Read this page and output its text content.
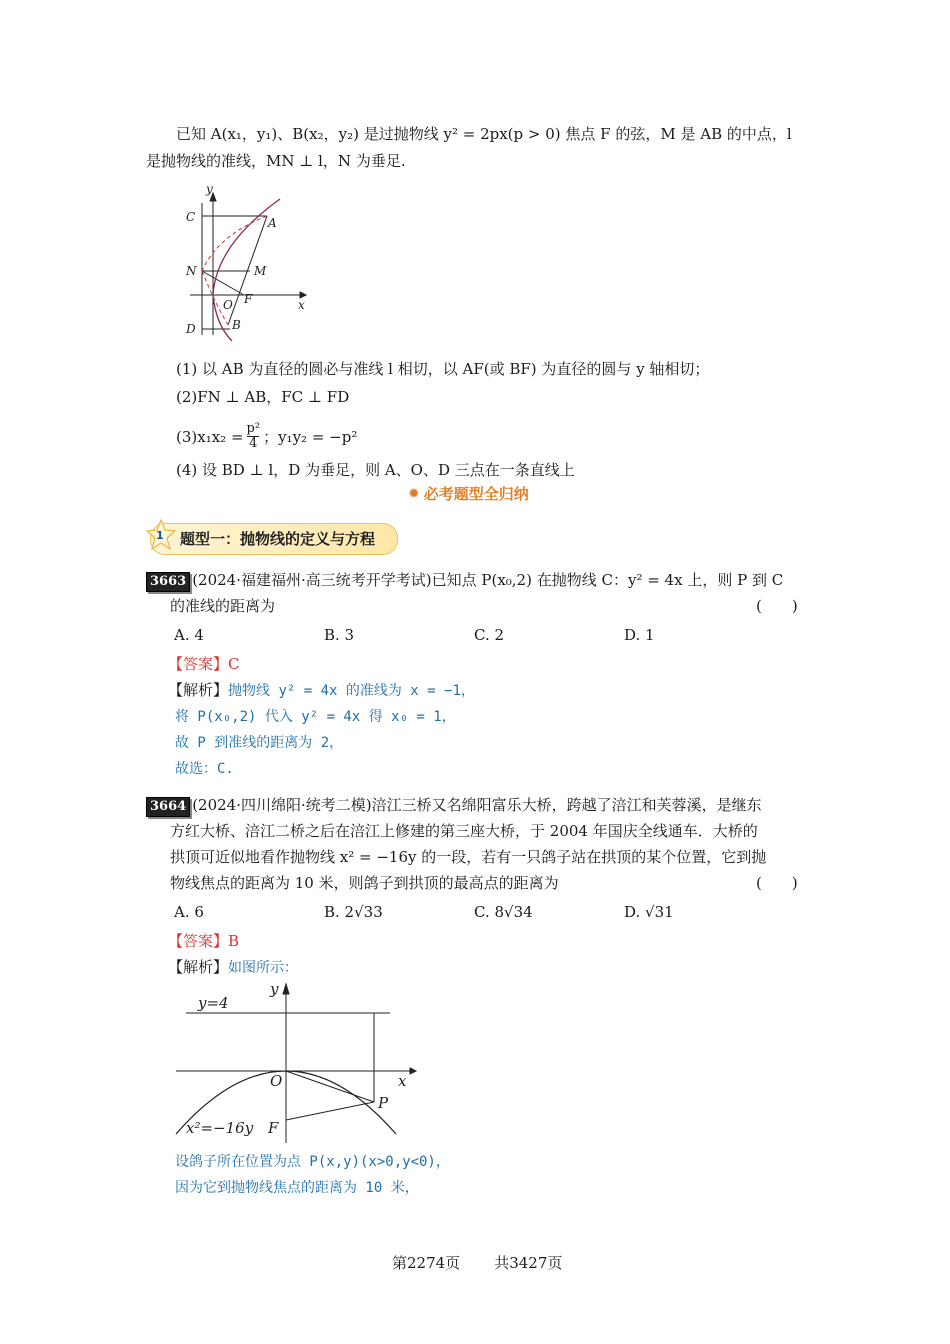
已知 A(x₁，y₁)、B(x₂，y₂) 是过抛物线 y² = 2px(p > 0) 焦点 F 的弦，M 是 AB 的中点，l
是抛物线的准线，MN ⊥ l，N 为垂足.
y
x
C	A
N	M
O F
D	B
(1) 以 AB 为直径的圆必与准线 l 相切，以 AF(或 BF) 为直径的圆与 y 轴相切；
(2)FN ⊥ AB，FC ⊥ FD
$(3)x_1x_2 = \frac{\text{p²}}{4}$ ；y₁y₂ = −p²
(4) 设 BD ⊥ l，D 为垂足，则 A、O、D 三点在一条直线上
✹ 必考题型全归纳
1 题型一：抛物线的定义与方程
3663 (2024·福建福州·高三统考开学考试)已知点 P(x₀,2) 在抛物线 C：y² = 4x 上，则 P 到 C
的准线的距离为	(　　)
A. 4	B. 3	C. 2	D. 1
【答案】C
【解析】抛物线 y² = 4x 的准线为 x = −1，
将 P(x₀,2) 代入 y² = 4x 得 x₀ = 1，
故 P 到准线的距离为 2，
故选：C.
3664 (2024·四川绵阳·统考二模)涪江三桥又名绵阳富乐大桥，跨越了涪江和芙蓉溪，是继东
方红大桥、涪江二桥之后在涪江上修建的第三座大桥，于 2004 年国庆全线通车．大桥的
拱顶可近似地看作抛物线 x² = −16y 的一段，若有一只鸽子站在拱顶的某个位置，它到抛
物线焦点的距离为 10 米，则鸽子到拱顶的最高点的距离为	(　　)
A. 6	B. 2√33	C. 8√34	D. √31
【答案】B
【解析】如图所示：
y
y=4
O	x
P
F
x²=−16y
设鸽子所在位置为点 P(x,y)(x>0,y<0)，
因为它到抛物线焦点的距离为 10 米，
第2274页 共3427页
